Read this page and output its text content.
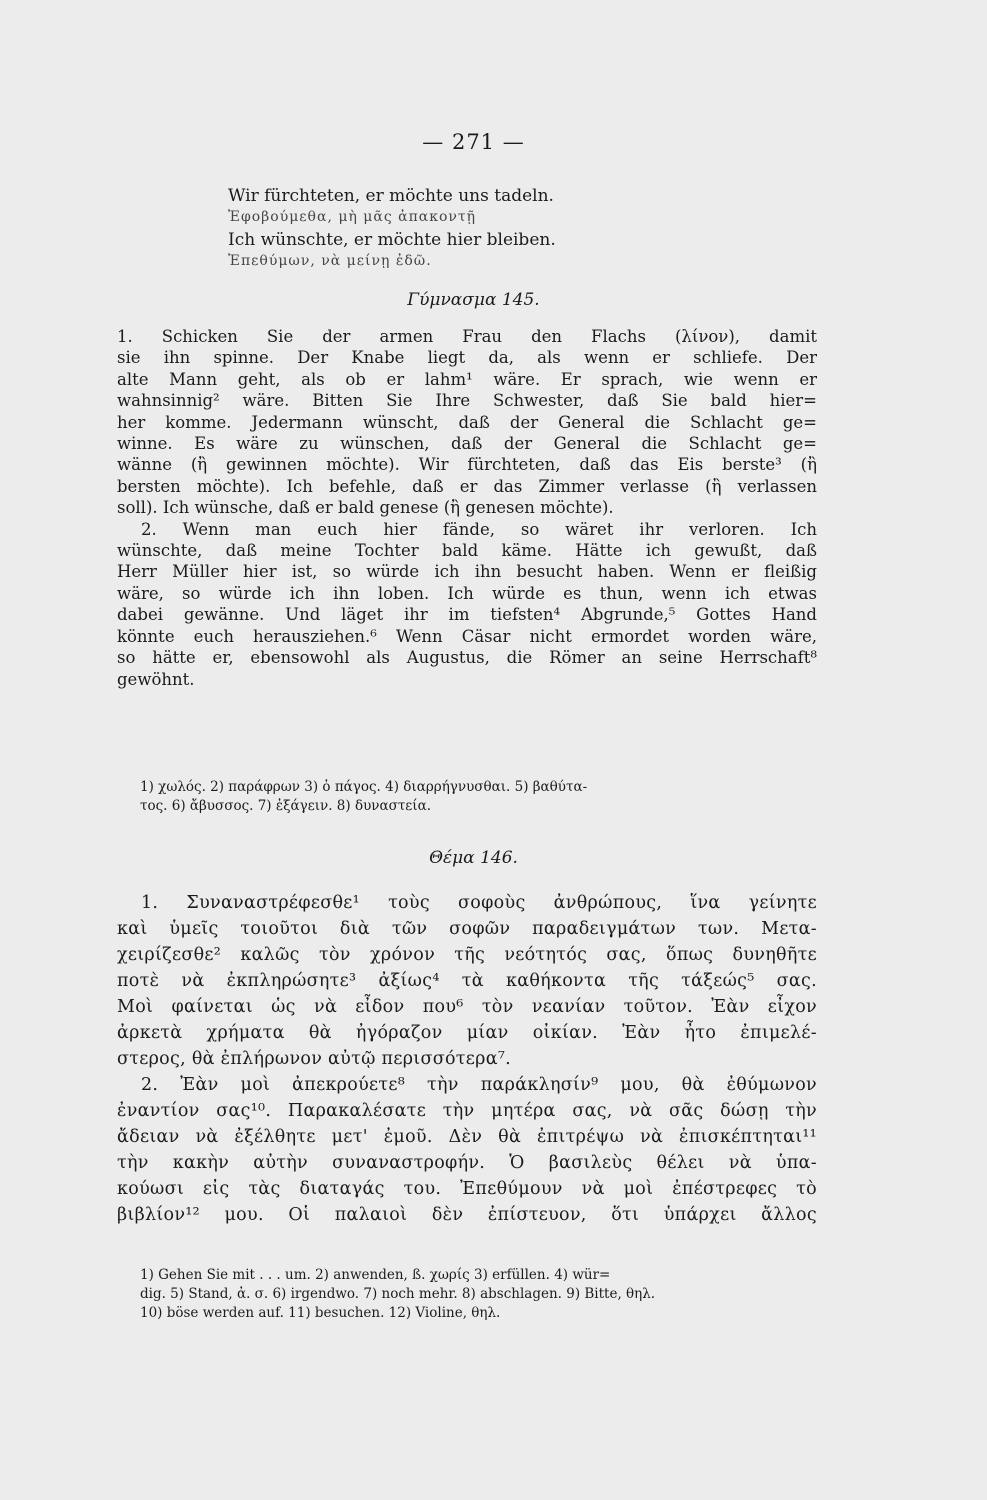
— 271 —
Wir fürchteten, er möchte uns tadeln.
Ἐφοβούμεθα, μὴ μᾶς ἀπακοντῇ
Ich wünschte, er möchte hier bleiben.
Ἐπεθύμων, νὰ μείνῃ ἐδῶ.
Γύμνασμα 145.
1. Schicken Sie der armen Frau den Flachs (λίνον), damit
sie ihn spinne. Der Knabe liegt da, als wenn er schliefe. Der
alte Mann geht, als ob er lahm¹ wäre. Er sprach, wie wenn er
wahnsinnig² wäre. Bitten Sie Ihre Schwester, daß Sie bald hier=
her komme. Jedermann wünscht, daß der General die Schlacht ge=
winne. Es wäre zu wünschen, daß der General die Schlacht ge=
wänne (ἢ gewinnen möchte). Wir fürchteten, daß das Eis berste³ (ἢ
bersten möchte). Ich befehle, daß er das Zimmer verlasse (ἢ verlassen
soll). Ich wünsche, daß er bald genese (ἢ genesen möchte).
2. Wenn man euch hier fände, so wäret ihr verloren. Ich
wünschte, daß meine Tochter bald käme. Hätte ich gewußt, daß
Herr Müller hier ist, so würde ich ihn besucht haben. Wenn er fleißig
wäre, so würde ich ihn loben. Ich würde es thun, wenn ich etwas
dabei gewänne. Und läget ihr im tiefsten⁴ Abgrunde,⁵ Gottes Hand
könnte euch herausziehen.⁶ Wenn Cäsar nicht ermordet worden wäre,
so hätte er, ebensowohl als Augustus, die Römer an seine Herrschaft⁸
gewöhnt.
1) χωλός. 2) παράφρων 3) ὁ πάγος. 4) διαρρήγνυσθαι. 5) βαθύτα-
τος. 6) ἄβυσσος. 7) ἐξάγειν. 8) δυναστεία.
Θέμα 146.
1. Συναναστρέφεσθε¹ τοὺς σοφοὺς ἀνθρώπους, ἵνα γείνητε
καὶ ὑμεῖς τοιοῦτοι διὰ τῶν σοφῶν παραδειγμάτων των. Μετα-
χειρίζεσθε² καλῶς τὸν χρόνον τῆς νεότητός σας, ὅπως δυνηθῆτε
ποτὲ νὰ ἐκπληρώσητε³ ἀξίως⁴ τὰ καθήκοντα τῆς τάξεώς⁵ σας.
Μοὶ φαίνεται ὡς νὰ εἶδον που⁶ τὸν νεανίαν τοῦτον. Ἐὰν εἶχον
ἀρκετὰ χρήματα θὰ ἠγόραζον μίαν οἰκίαν. Ἐὰν ἦτο ἐπιμελέ-
στερος, θὰ ἐπλήρωνον αὐτῷ περισσότερα⁷.
2. Ἐὰν μοὶ ἀπεκρούετε⁸ τὴν παράκλησίν⁹ μου, θὰ ἐθύμωνον
ἐναντίον σας¹⁰. Παρακαλέσατε τὴν μητέρα σας, νὰ σᾶς δώσῃ τὴν
ἄδειαν νὰ ἐξέλθητε μετ' ἐμοῦ. Δὲν θὰ ἐπιτρέψω νὰ ἐπισκέπτηται¹¹
τὴν κακὴν αὐτὴν συναναστροφήν. Ὁ βασιλεὺς θέλει νὰ ὑπα-
κούωσι εἰς τὰς διαταγάς του. Ἐπεθύμουν νὰ μοὶ ἐπέστρεφες τὸ
βιβλίον¹² μου. Οἱ παλαιοὶ δὲν ἐπίστευον, ὅτι ὑπάρχει ἄλλος
1) Gehen Sie mit . . . um. 2) anwenden, ß. χωρίς 3) erfüllen. 4) wür=
dig. 5) Stand, ἀ. σ. 6) irgendwo. 7) noch mehr. 8) abschlagen. 9) Bitte, θηλ.
10) böse werden auf. 11) besuchen. 12) Violine, θηλ.
